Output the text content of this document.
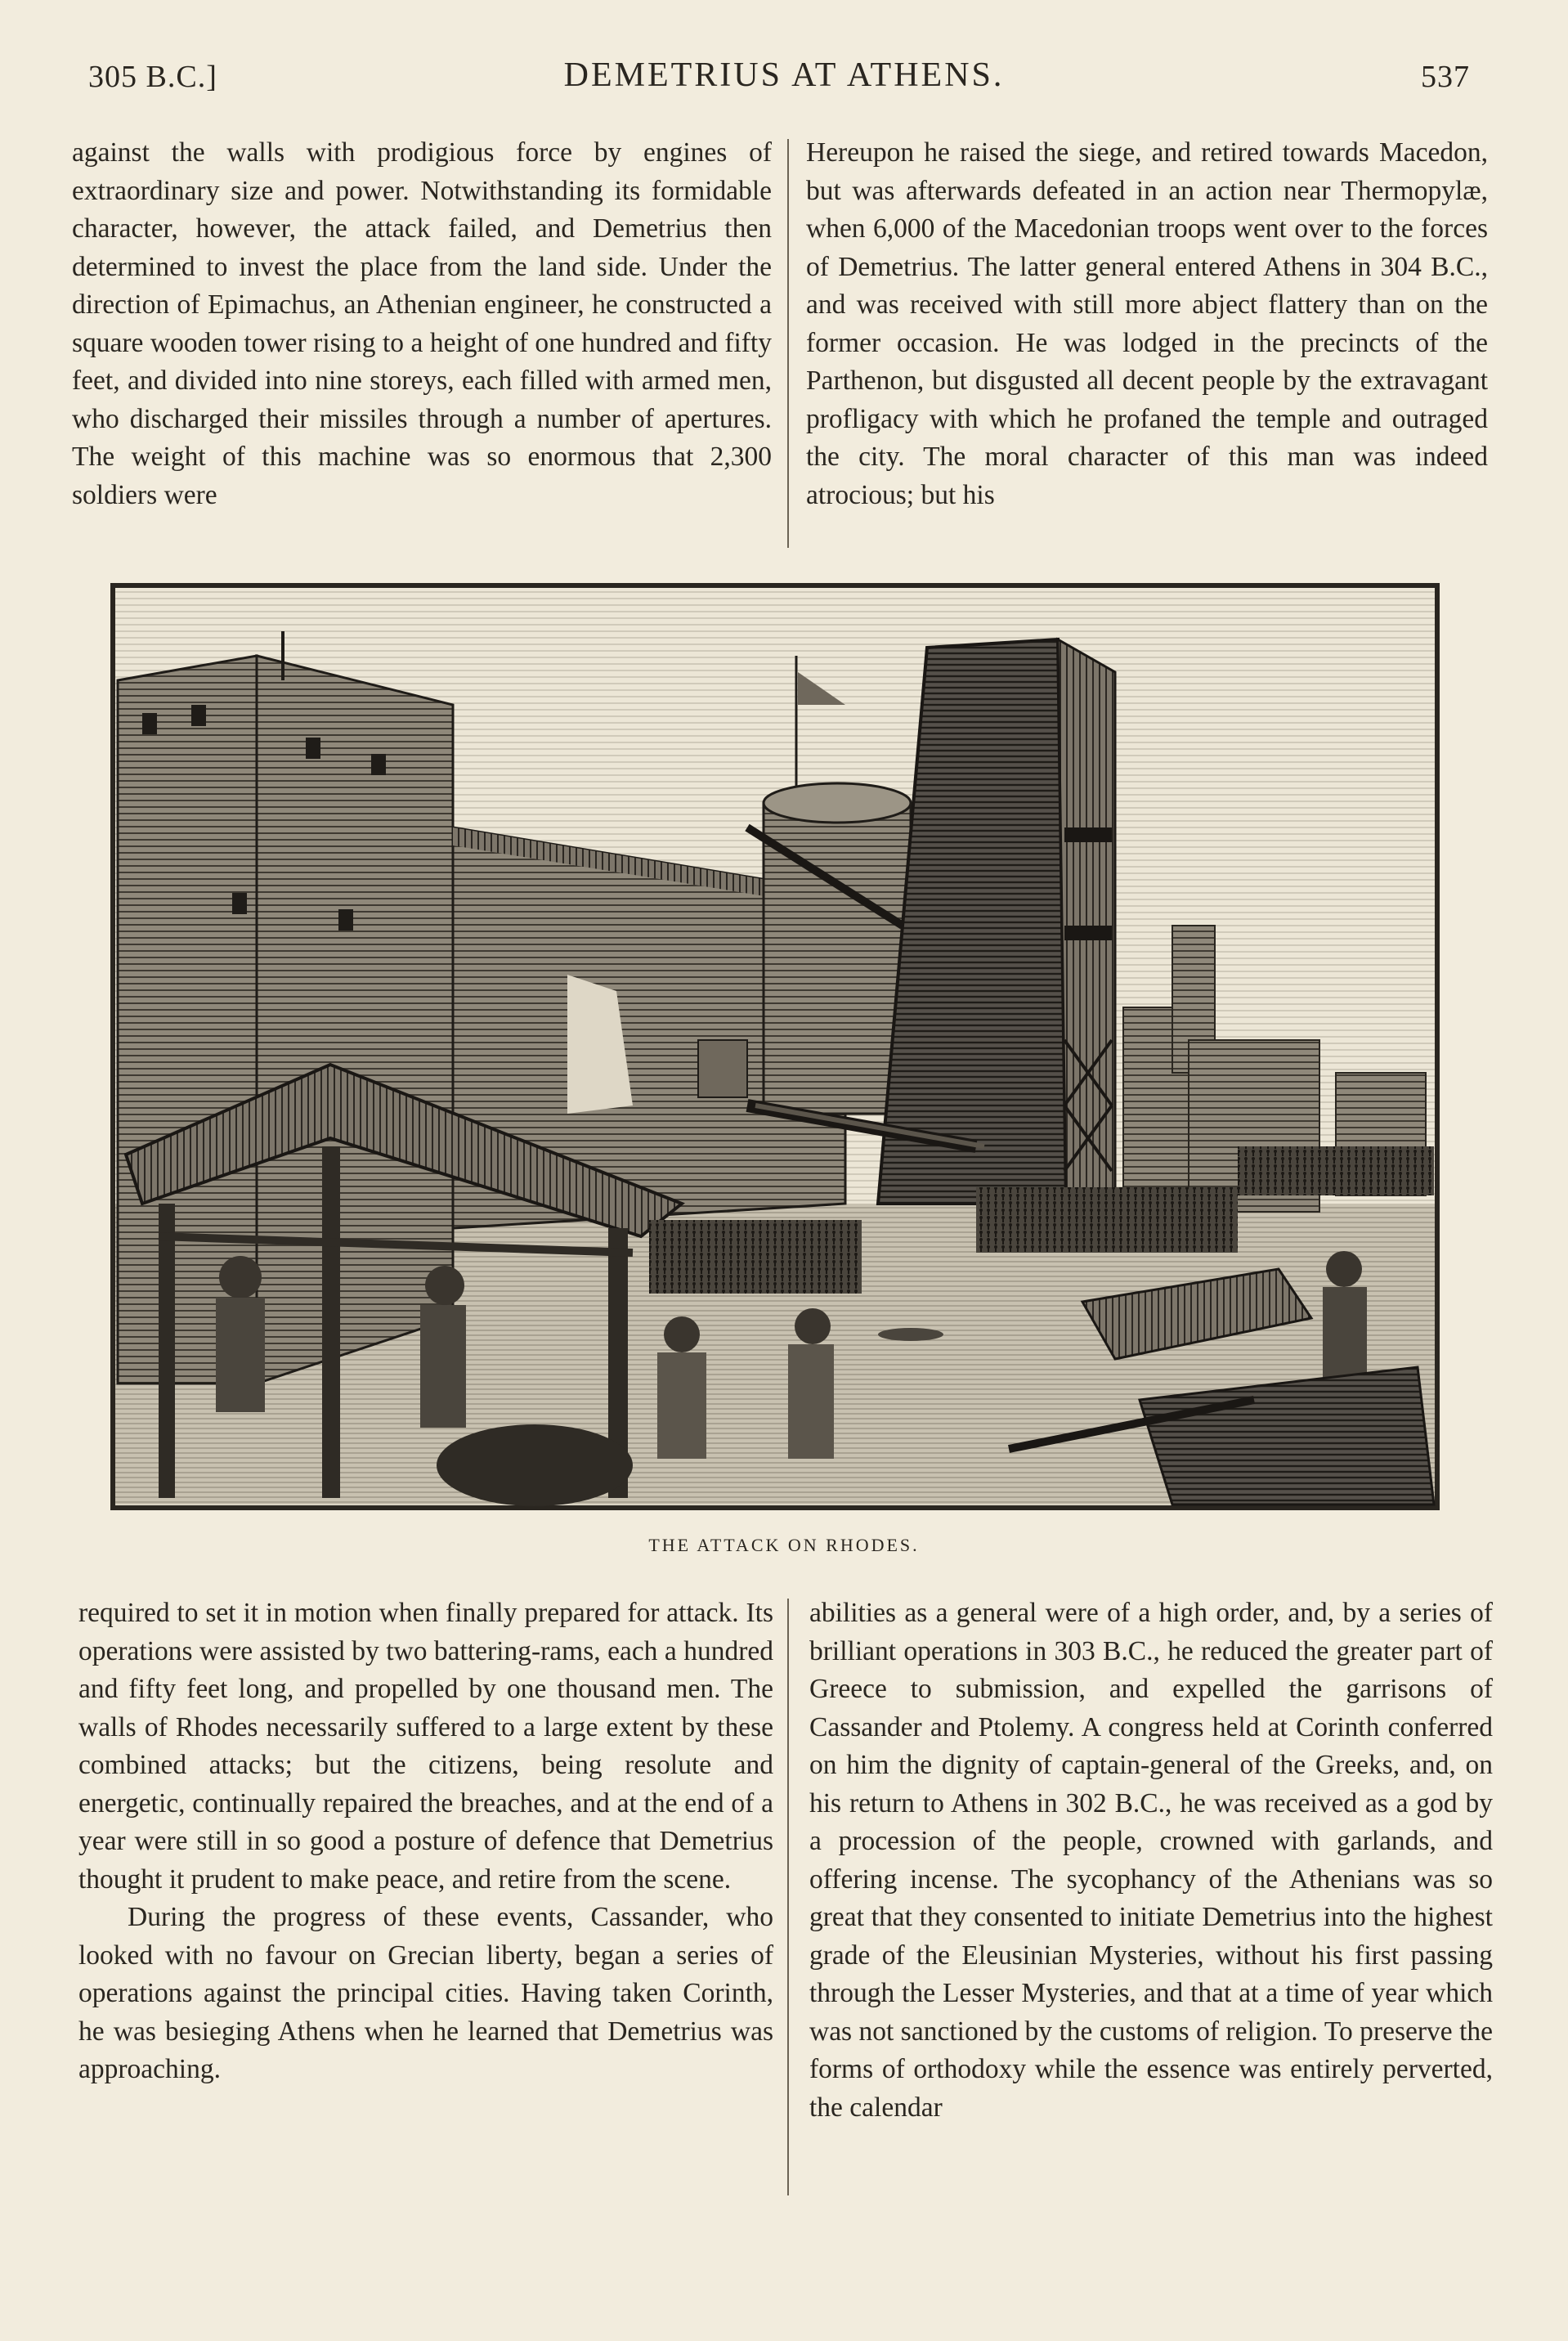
305 B.C.]	DEMETRIUS AT ATHENS.	537

against the walls with prodigious force by engines of extraordinary size and power. Notwithstanding its formidable character, however, the attack failed, and Demetrius then determined to invest the place from the land side. Under the direction of Epimachus, an Athenian engineer, he constructed a square wooden tower rising to a height of one hundred and fifty feet, and divided into nine storeys, each filled with armed men, who discharged their missiles through a number of apertures. The weight of this machine was so enormous that 2,300 soldiers were

Hereupon he raised the siege, and retired towards Macedon, but was afterwards defeated in an action near Thermopylæ, when 6,000 of the Macedonian troops went over to the forces of Demetrius. The latter general entered Athens in 304 B.C., and was received with still more abject flattery than on the former occasion. He was lodged in the precincts of the Parthenon, but disgusted all decent people by the extravagant profligacy with which he profaned the temple and outraged the city. The moral character of this man was indeed atrocious; but his

THE ATTACK ON RHODES.

required to set it in motion when finally prepared for attack. Its operations were assisted by two battering-rams, each a hundred and fifty feet long, and propelled by one thousand men. The walls of Rhodes necessarily suffered to a large extent by these combined attacks; but the citizens, being resolute and energetic, continually repaired the breaches, and at the end of a year were still in so good a posture of defence that Demetrius thought it prudent to make peace, and retire from the scene.

During the progress of these events, Cassander, who looked with no favour on Grecian liberty, began a series of operations against the principal cities. Having taken Corinth, he was besieging Athens when he learned that Demetrius was approaching.

abilities as a general were of a high order, and, by a series of brilliant operations in 303 B.C., he reduced the greater part of Greece to submission, and expelled the garrisons of Cassander and Ptolemy. A congress held at Corinth conferred on him the dignity of captain-general of the Greeks, and, on his return to Athens in 302 B.C., he was received as a god by a procession of the people, crowned with garlands, and offering incense. The sycophancy of the Athenians was so great that they consented to initiate Demetrius into the highest grade of the Eleusinian Mysteries, without his first passing through the Lesser Mysteries, and that at a time of year which was not sanctioned by the customs of religion. To preserve the forms of orthodoxy while the essence was entirely perverted, the calendar
